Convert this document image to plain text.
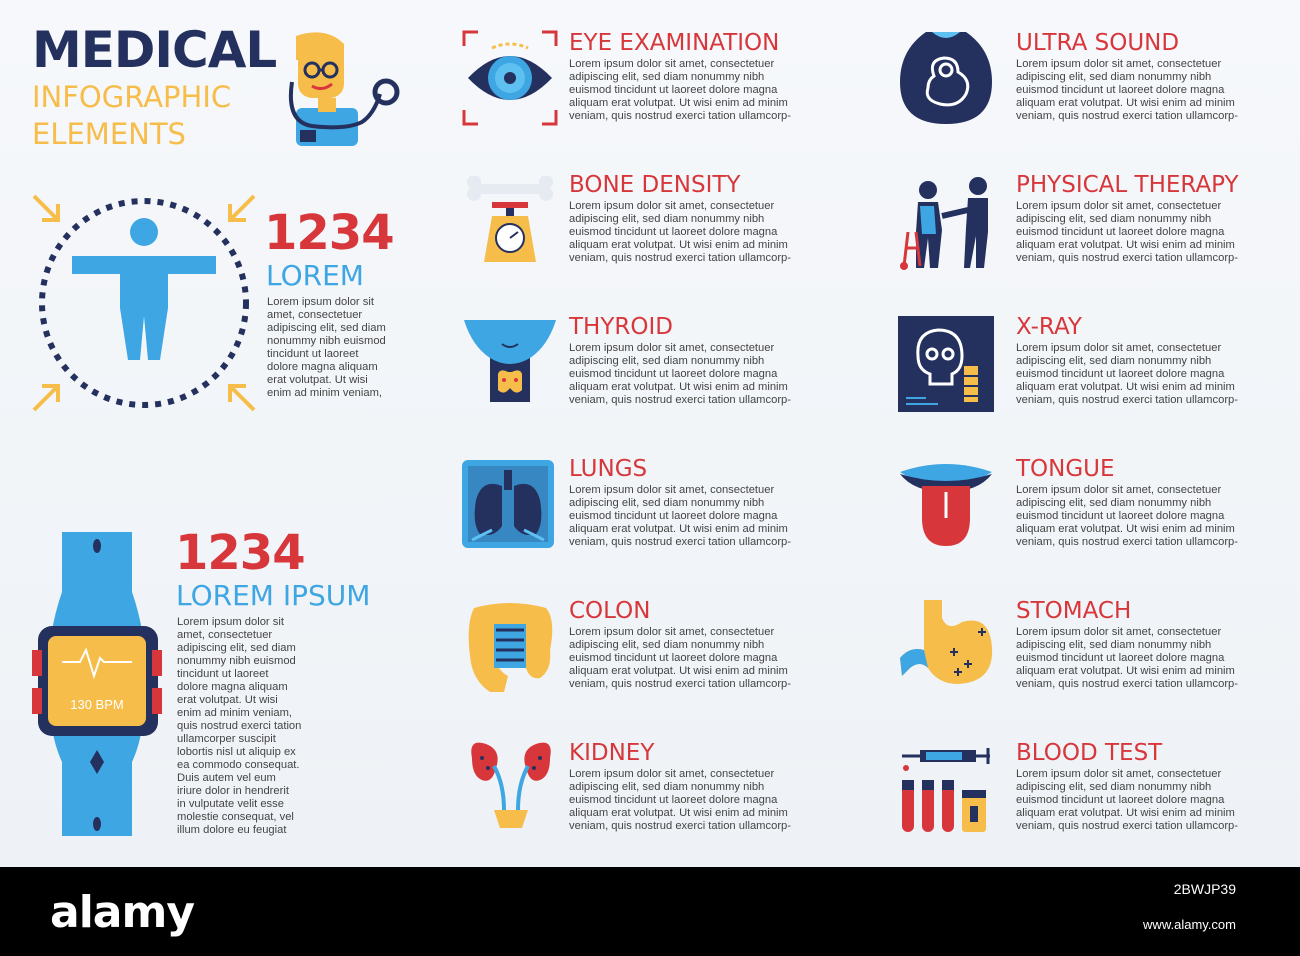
MEDICAL
INFOGRAPHIC
ELEMENTS
1234
LOREM
Lorem ipsum dolor sit
amet, consectetuer
adipiscing elit, sed diam
nonummy nibh euismod
tincidunt ut laoreet
dolore magna aliquam
erat volutpat. Ut wisi
enim ad minim veniam,
130 BPM
1234
LOREM IPSUM
Lorem ipsum dolor sit
amet, consectetuer
adipiscing elit, sed diam
nonummy nibh euismod
tincidunt ut laoreet
dolore magna aliquam
erat volutpat. Ut wisi
enim ad minim veniam,
quis nostrud exerci tation
ullamcorper suscipit
lobortis nisl ut aliquip ex
ea commodo consequat.
Duis autem vel eum
iriure dolor in hendrerit
in vulputate velit esse
molestie consequat, vel
illum dolore eu feugiat
EYE EXAMINATION
Lorem ipsum dolor sit amet, consectetuer
adipiscing elit, sed diam nonummy nibh
euismod tincidunt ut laoreet dolore magna
aliquam erat volutpat. Ut wisi enim ad minim
veniam, quis nostrud exerci tation ullamcorp-
BONE DENSITY
Lorem ipsum dolor sit amet, consectetuer
adipiscing elit, sed diam nonummy nibh
euismod tincidunt ut laoreet dolore magna
aliquam erat volutpat. Ut wisi enim ad minim
veniam, quis nostrud exerci tation ullamcorp-
THYROID
Lorem ipsum dolor sit amet, consectetuer
adipiscing elit, sed diam nonummy nibh
euismod tincidunt ut laoreet dolore magna
aliquam erat volutpat. Ut wisi enim ad minim
veniam, quis nostrud exerci tation ullamcorp-
LUNGS
Lorem ipsum dolor sit amet, consectetuer
adipiscing elit, sed diam nonummy nibh
euismod tincidunt ut laoreet dolore magna
aliquam erat volutpat. Ut wisi enim ad minim
veniam, quis nostrud exerci tation ullamcorp-
COLON
Lorem ipsum dolor sit amet, consectetuer
adipiscing elit, sed diam nonummy nibh
euismod tincidunt ut laoreet dolore magna
aliquam erat volutpat. Ut wisi enim ad minim
veniam, quis nostrud exerci tation ullamcorp-
KIDNEY
Lorem ipsum dolor sit amet, consectetuer
adipiscing elit, sed diam nonummy nibh
euismod tincidunt ut laoreet dolore magna
aliquam erat volutpat. Ut wisi enim ad minim
veniam, quis nostrud exerci tation ullamcorp-
ULTRA SOUND
Lorem ipsum dolor sit amet, consectetuer
adipiscing elit, sed diam nonummy nibh
euismod tincidunt ut laoreet dolore magna
aliquam erat volutpat. Ut wisi enim ad minim
veniam, quis nostrud exerci tation ullamcorp-
PHYSICAL THERAPY
Lorem ipsum dolor sit amet, consectetuer
adipiscing elit, sed diam nonummy nibh
euismod tincidunt ut laoreet dolore magna
aliquam erat volutpat. Ut wisi enim ad minim
veniam, quis nostrud exerci tation ullamcorp-
X-RAY
Lorem ipsum dolor sit amet, consectetuer
adipiscing elit, sed diam nonummy nibh
euismod tincidunt ut laoreet dolore magna
aliquam erat volutpat. Ut wisi enim ad minim
veniam, quis nostrud exerci tation ullamcorp-
TONGUE
Lorem ipsum dolor sit amet, consectetuer
adipiscing elit, sed diam nonummy nibh
euismod tincidunt ut laoreet dolore magna
aliquam erat volutpat. Ut wisi enim ad minim
veniam, quis nostrud exerci tation ullamcorp-
STOMACH
Lorem ipsum dolor sit amet, consectetuer
adipiscing elit, sed diam nonummy nibh
euismod tincidunt ut laoreet dolore magna
aliquam erat volutpat. Ut wisi enim ad minim
veniam, quis nostrud exerci tation ullamcorp-
BLOOD TEST
Lorem ipsum dolor sit amet, consectetuer
adipiscing elit, sed diam nonummy nibh
euismod tincidunt ut laoreet dolore magna
aliquam erat volutpat. Ut wisi enim ad minim
veniam, quis nostrud exerci tation ullamcorp-
alamy	2BWJP39
www.alamy.com
